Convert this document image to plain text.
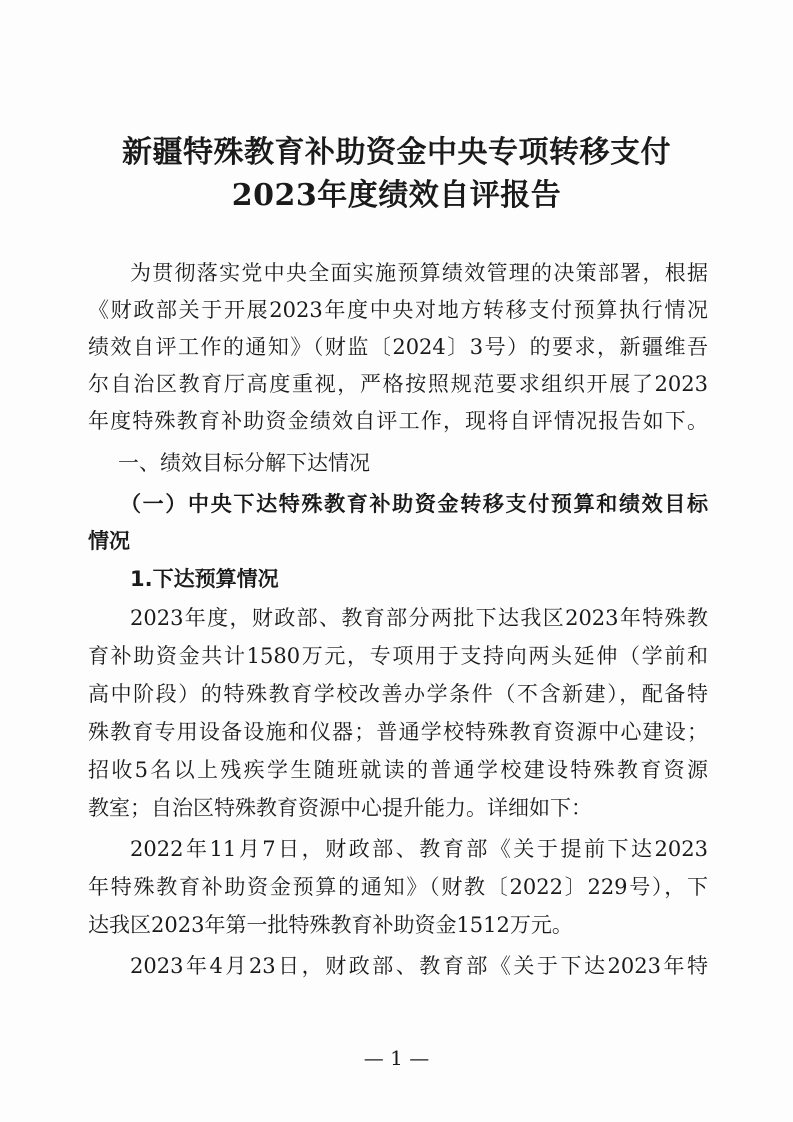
新疆特殊教育补助资金中央专项转移支付
2023年度绩效自评报告
为贯彻落实党中央全面实施预算绩效管理的决策部署，根据
《财政部关于开展2023年度中央对地方转移支付预算执行情况
绩效自评工作的通知》（财监〔2024〕3号）的要求，新疆维吾
尔自治区教育厅高度重视，严格按照规范要求组织开展了2023
年度特殊教育补助资金绩效自评工作，现将自评情况报告如下。
一、绩效目标分解下达情况
（一）中央下达特殊教育补助资金转移支付预算和绩效目标
情况
1.下达预算情况
2023年度，财政部、教育部分两批下达我区2023年特殊教
育补助资金共计1580万元，专项用于支持向两头延伸（学前和
高中阶段）的特殊教育学校改善办学条件（不含新建），配备特
殊教育专用设备设施和仪器；普通学校特殊教育资源中心建设；
招收5名以上残疾学生随班就读的普通学校建设特殊教育资源
教室；自治区特殊教育资源中心提升能力。详细如下：
2022年11月7日，财政部、教育部《关于提前下达2023
年特殊教育补助资金预算的通知》（财教〔2022〕229号），下
达我区2023年第一批特殊教育补助资金1512万元。
2023年4月23日，财政部、教育部《关于下达2023年特
— 1 —
